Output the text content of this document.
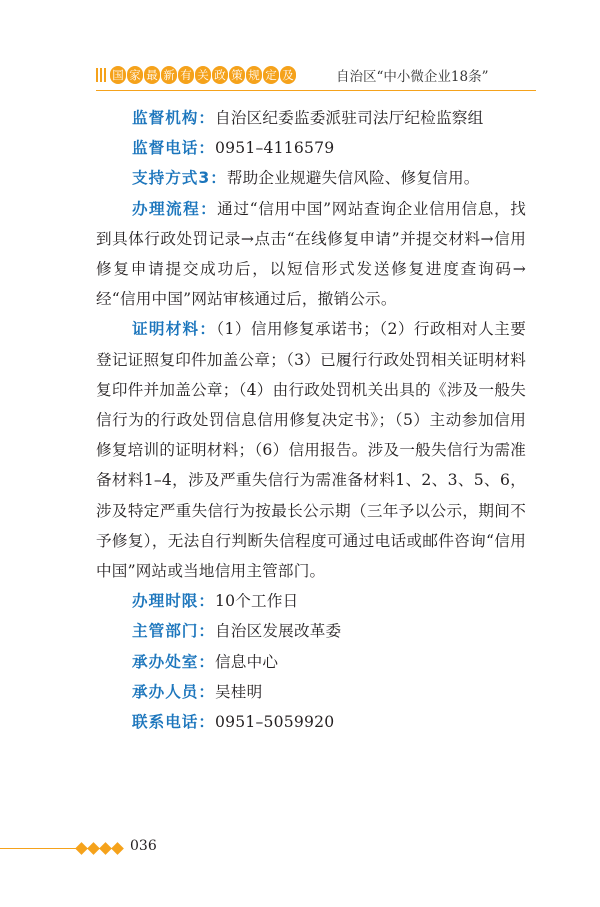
国 家 最 新 有 关 政 策 规 定 及	自治区“中小微企业18条”

监督机构：自治区纪委监委派驻司法厅纪检监察组

监督电话：0951–4116579

支持方式3：帮助企业规避失信风险、修复信用。

办理流程：通过“信用中国”网站查询企业信用信息，找到具体行政处罚记录→点击“在线修复申请”并提交材料→信用修复申请提交成功后，以短信形式发送修复进度查询码→经“信用中国”网站审核通过后，撤销公示。

证明材料：（1）信用修复承诺书；（2）行政相对人主要登记证照复印件加盖公章；（3）已履行行政处罚相关证明材料复印件并加盖公章；（4）由行政处罚机关出具的《涉及一般失信行为的行政处罚信息信用修复决定书》；（5）主动参加信用修复培训的证明材料；（6）信用报告。涉及一般失信行为需准备材料1–4，涉及严重失信行为需准备材料1、2、3、5、6，涉及特定严重失信行为按最长公示期（三年予以公示，期间不予修复），无法自行判断失信程度可通过电话或邮件咨询“信用中国”网站或当地信用主管部门。

办理时限：10个工作日

主管部门：自治区发展改革委

承办处室：信息中心

承办人员：吴桂明

联系电话：0951–5059920

036
